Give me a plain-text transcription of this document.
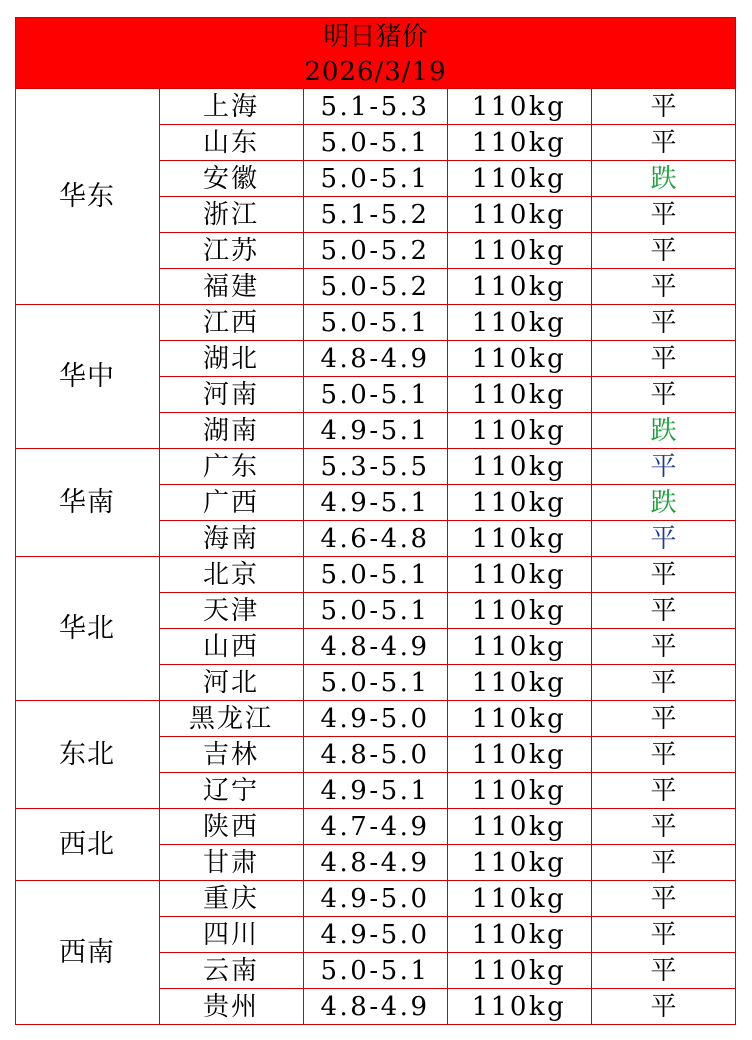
明日猪价
2026/3/19
华东
上海	5.1-5.3	110kg	平
山东	5.0-5.1	110kg	平
安徽	5.0-5.1	110kg	跌
浙江	5.1-5.2	110kg	平
江苏	5.0-5.2	110kg	平
福建	5.0-5.2	110kg	平
华中
江西	5.0-5.1	110kg	平
湖北	4.8-4.9	110kg	平
河南	5.0-5.1	110kg	平
湖南	4.9-5.1	110kg	跌
华南
广东	5.3-5.5	110kg	平
广西	4.9-5.1	110kg	跌
海南	4.6-4.8	110kg	平
华北
北京	5.0-5.1	110kg	平
天津	5.0-5.1	110kg	平
山西	4.8-4.9	110kg	平
河北	5.0-5.1	110kg	平
东北
黑龙江	4.9-5.0	110kg	平
吉林	4.8-5.0	110kg	平
辽宁	4.9-5.1	110kg	平
西北
陕西	4.7-4.9	110kg	平
甘肃	4.8-4.9	110kg	平
西南
重庆	4.9-5.0	110kg	平
四川	4.9-5.0	110kg	平
云南	5.0-5.1	110kg	平
贵州	4.8-4.9	110kg	平
